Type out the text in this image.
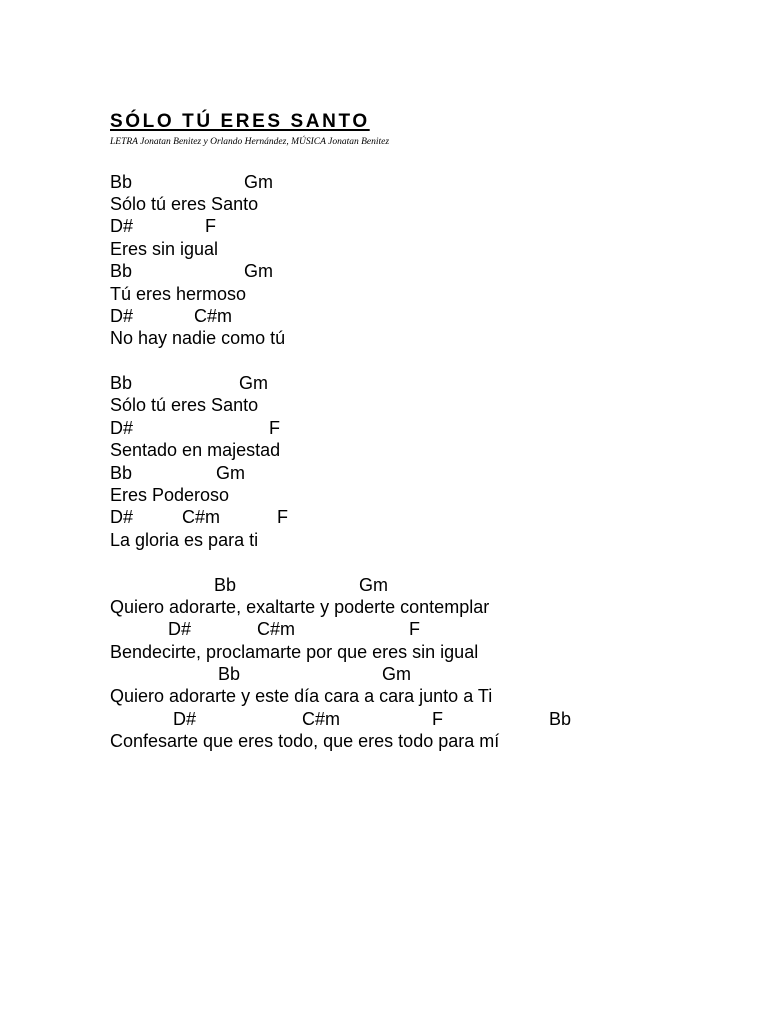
SÓLO TÚ ERES SANTO
LETRA Jonatan Benitez y Orlando Hernández, MÚSICA Jonatan Benitez
Bb	Gm
Sólo tú eres Santo
D#	F
Eres sin igual
Bb	Gm
Tú eres hermoso
D#	C#m
No hay nadie como tú
Bb	Gm
Sólo tú eres Santo
D#	F
Sentado en majestad
Bb	Gm
Eres Poderoso
D#	C#m	F
La gloria es para ti
Bb	Gm
Quiero adorarte, exaltarte y poderte contemplar
D#	C#m	F
Bendecirte, proclamarte por que eres sin igual
Bb	Gm
Quiero adorarte y este día cara a cara junto a Ti
D#	C#m	F	Bb
Confesarte que eres todo, que eres todo para mí
